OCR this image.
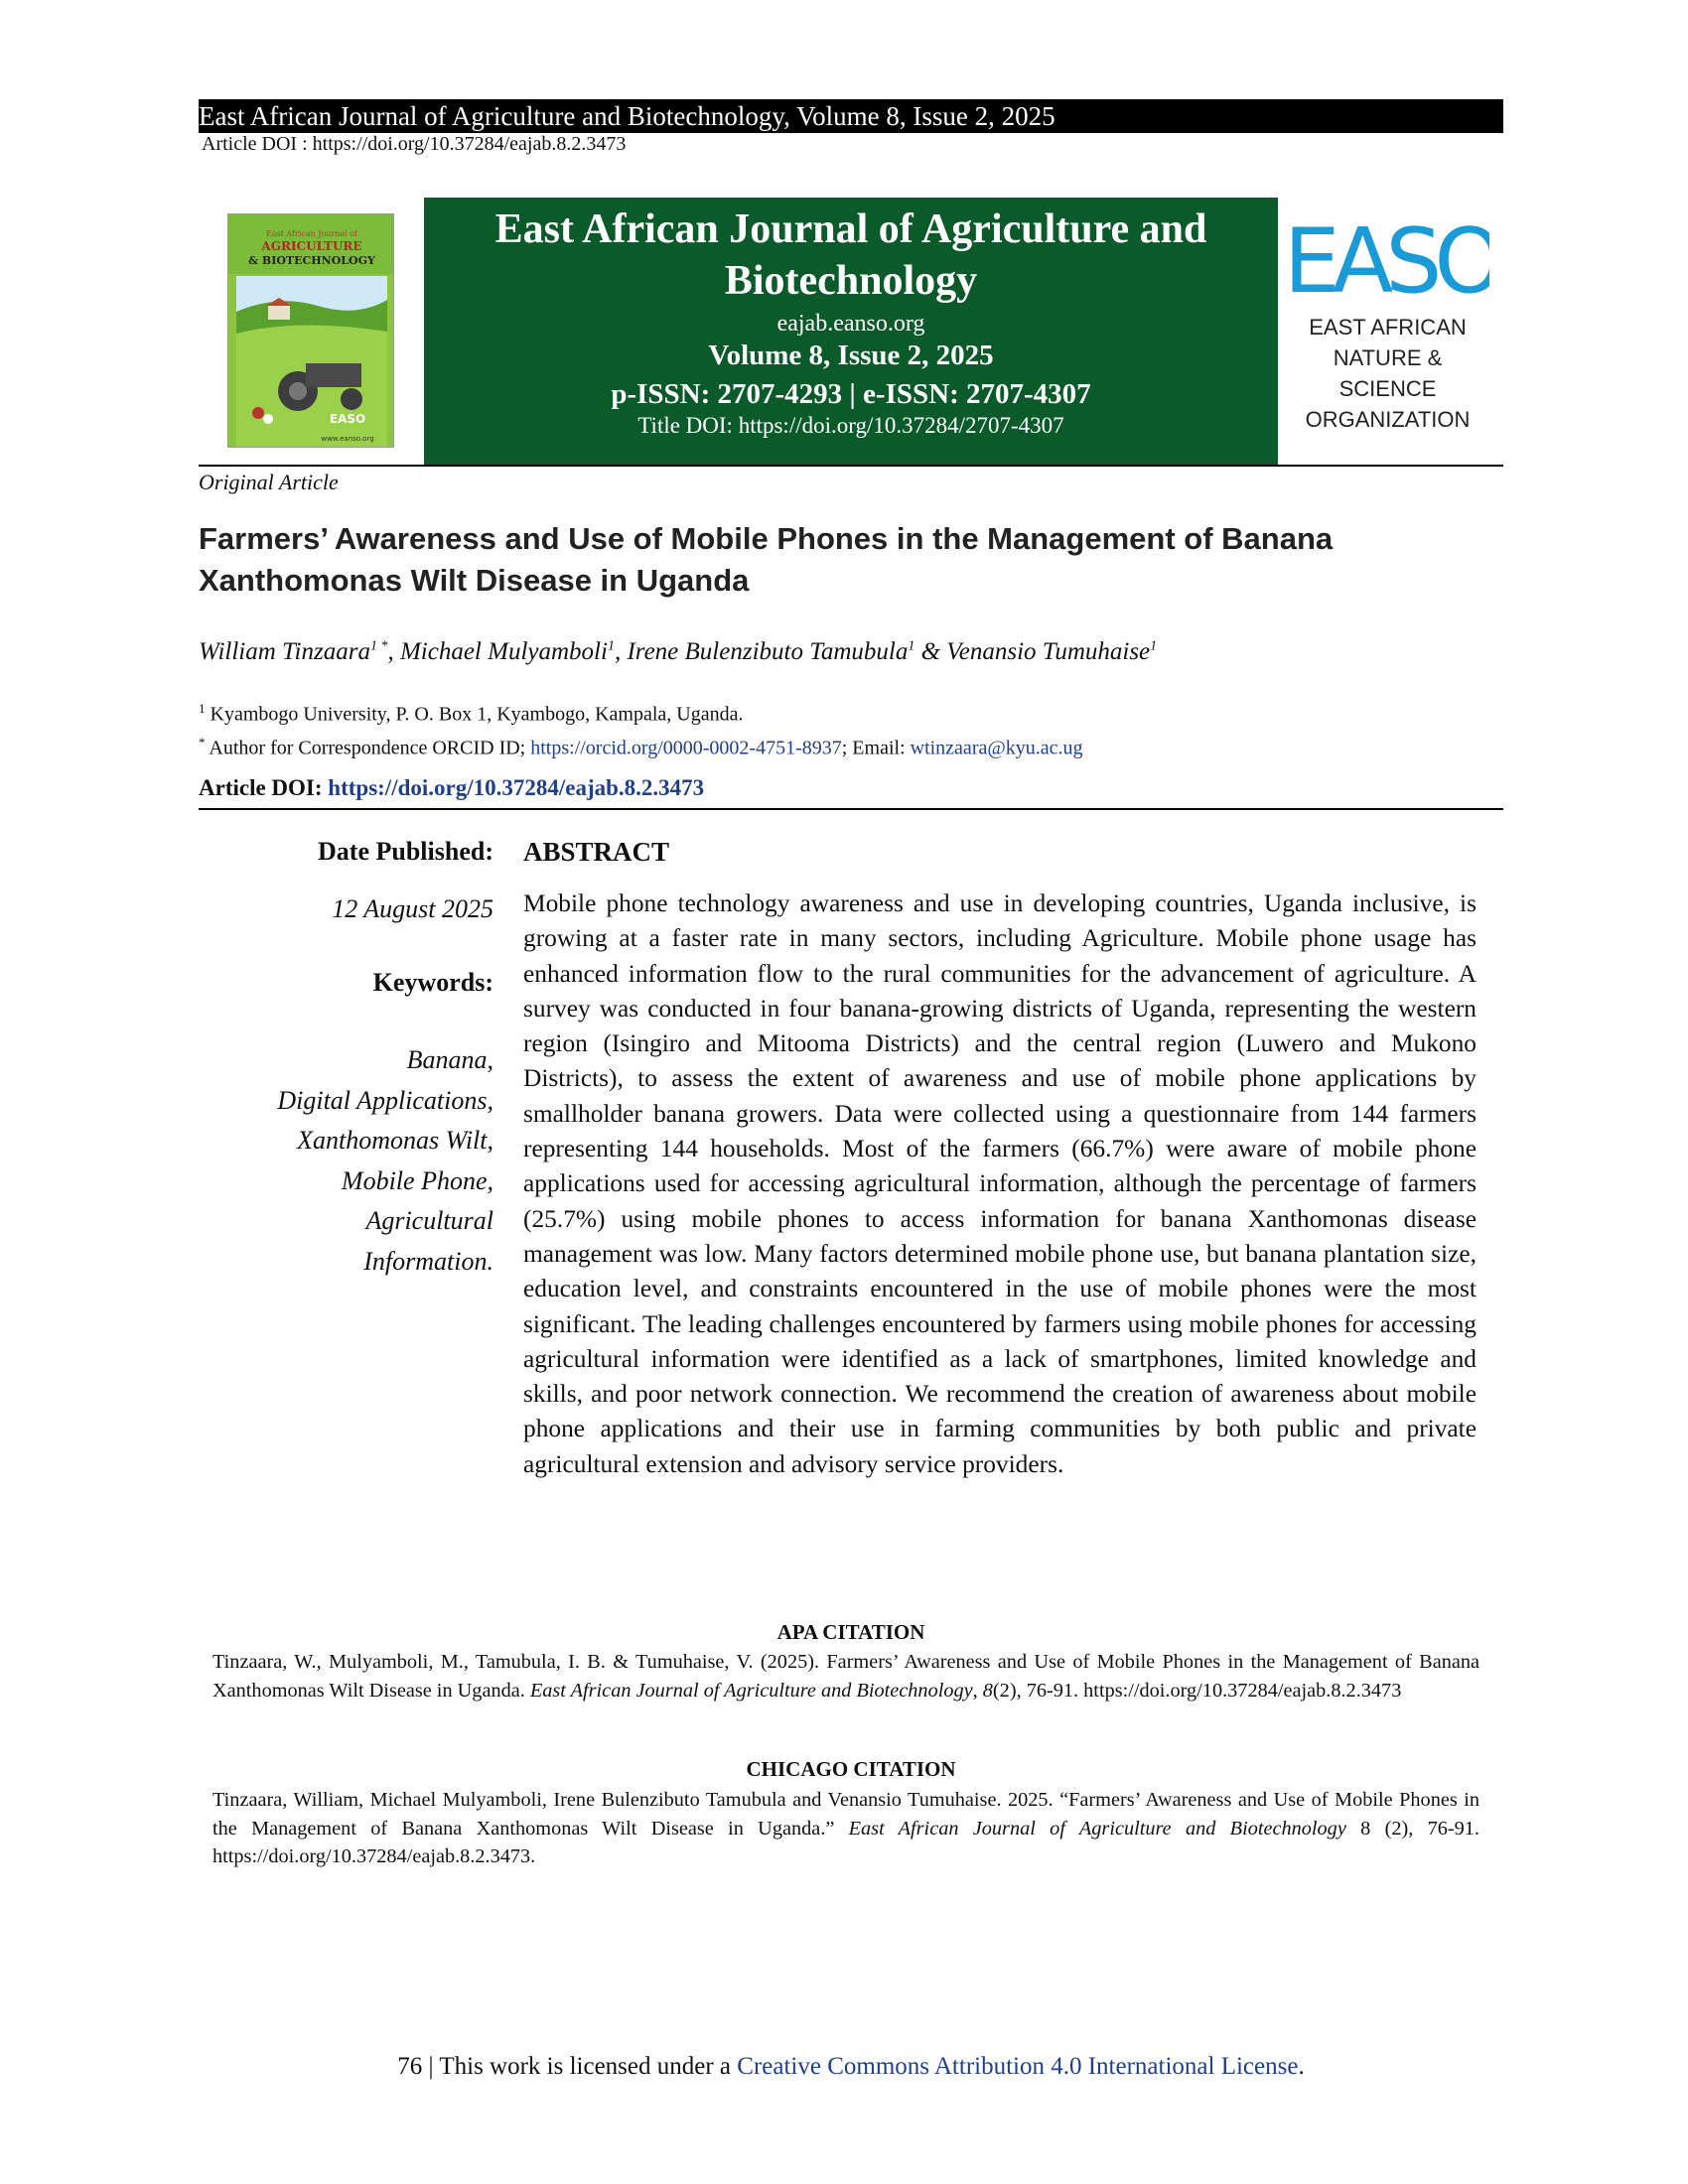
East African Journal of Agriculture and Biotechnology, Volume 8, Issue 2, 2025
Article DOI : https://doi.org/10.37284/eajab.8.2.3473
East African Journal of
AGRICULTURE
& BIOTECHNOLOGY
EASO
www.eanso.org
East African Journal of Agriculture and Biotechnology
eajab.eanso.org
Volume 8, Issue 2, 2025
p-ISSN: 2707-4293 | e-ISSN: 2707-4307
Title DOI: https://doi.org/10.37284/2707-4307
EASO
EAST AFRICAN
NATURE &
SCIENCE
ORGANIZATION
Original Article
Farmers’ Awareness and Use of Mobile Phones in the Management of Banana Xanthomonas Wilt Disease in Uganda
William Tinzaara$^{1 *}$, Michael Mulyamboli$^1$, Irene Bulenzibuto Tamubula$^1$ & Venansio Tumuhaise$^1$
$^1$ Kyambogo University, P. O. Box 1, Kyambogo, Kampala, Uganda.
* Author for Correspondence ORCID ID; https://orcid.org/0000-0002-4751-8937; Email: wtinzaara@kyu.ac.ug
Article DOI: https://doi.org/10.37284/eajab.8.2.3473
Date Published:
12 August 2025
Keywords:
Banana,
Digital Applications,
Xanthomonas Wilt,
Mobile Phone,
Agricultural
Information.
ABSTRACT
Mobile phone technology awareness and use in developing countries, Uganda inclusive, is growing at a faster rate in many sectors, including Agriculture. Mobile phone usage has enhanced information flow to the rural communities for the advancement of agriculture. A survey was conducted in four banana-growing districts of Uganda, representing the western region (Isingiro and Mitooma Districts) and the central region (Luwero and Mukono Districts), to assess the extent of awareness and use of mobile phone applications by smallholder banana growers. Data were collected using a questionnaire from 144 farmers representing 144 households. Most of the farmers (66.7%) were aware of mobile phone applications used for accessing agricultural information, although the percentage of farmers (25.7%) using mobile phones to access information for banana Xanthomonas disease management was low. Many factors determined mobile phone use, but banana plantation size, education level, and constraints encountered in the use of mobile phones were the most significant. The leading challenges encountered by farmers using mobile phones for accessing agricultural information were identified as a lack of smartphones, limited knowledge and skills, and poor network connection. We recommend the creation of awareness about mobile phone applications and their use in farming communities by both public and private agricultural extension and advisory service providers.
APA CITATION
Tinzaara, W., Mulyamboli, M., Tamubula, I. B. & Tumuhaise, V. (2025). Farmers’ Awareness and Use of Mobile Phones in the Management of Banana Xanthomonas Wilt Disease in Uganda. East African Journal of Agriculture and Biotechnology, 8(2), 76-91. https://doi.org/10.37284/eajab.8.2.3473
CHICAGO CITATION
Tinzaara, William, Michael Mulyamboli, Irene Bulenzibuto Tamubula and Venansio Tumuhaise. 2025. “Farmers’ Awareness and Use of Mobile Phones in the Management of Banana Xanthomonas Wilt Disease in Uganda.” East African Journal of Agriculture and Biotechnology 8 (2), 76-91. https://doi.org/10.37284/eajab.8.2.3473.
76 | This work is licensed under a Creative Commons Attribution 4.0 International License.
